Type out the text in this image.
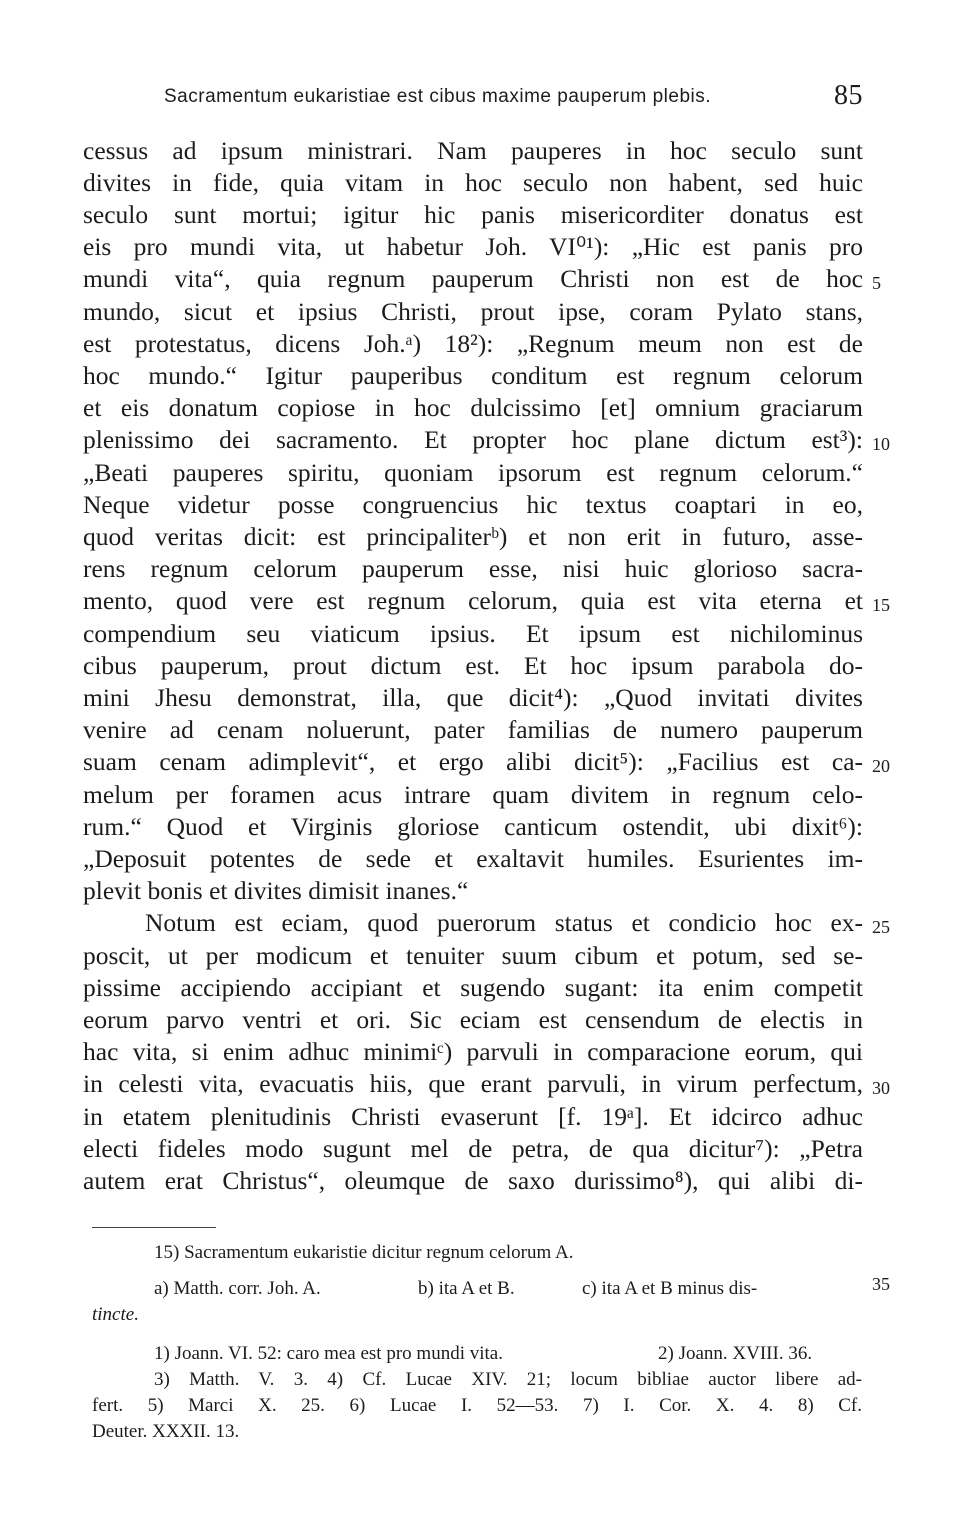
Sacramentum eukaristiae est cibus maxime pauperum plebis.	85
cessus ad ipsum ministrari. Nam pauperes in hoc seculo sunt
divites in fide, quia vitam in hoc seculo non habent, sed huic
seculo sunt mortui; igitur hic panis misericorditer donatus est
eis pro mundi vita, ut habetur Joh. VI⁰¹): „Hic est panis pro
mundi vita“, quia regnum pauperum Christi non est de hoc
mundo, sicut et ipsius Christi, prout ipse, coram Pylato stans,
est protestatus, dicens Joh.ᵃ) 18²): „Regnum meum non est de
hoc mundo.“ Igitur pauperibus conditum est regnum celorum
et eis donatum copiose in hoc dulcissimo [et] omnium graciarum
plenissimo dei sacramento. Et propter hoc plane dictum est³):
„Beati pauperes spiritu, quoniam ipsorum est regnum celorum.“
Neque videtur posse congruencius hic textus coaptari in eo,
quod veritas dicit: est principaliterᵇ) et non erit in futuro, asse-
rens regnum celorum pauperum esse, nisi huic glorioso sacra-
mento, quod vere est regnum celorum, quia est vita eterna et
compendium seu viaticum ipsius. Et ipsum est nichilominus
cibus pauperum, prout dictum est. Et hoc ipsum parabola do-
mini Jhesu demonstrat, illa, que dicit⁴): „Quod invitati divites
venire ad cenam noluerunt, pater familias de numero pauperum
suam cenam adimplevit“, et ergo alibi dicit⁵): „Facilius est ca-
melum per foramen acus intrare quam divitem in regnum celo-
rum.“ Quod et Virginis gloriose canticum ostendit, ubi dixit⁶):
„Deposuit potentes de sede et exaltavit humiles. Esurientes im-
plevit bonis et divites dimisit inanes.“
Notum est eciam, quod puerorum status et condicio hoc ex-
poscit, ut per modicum et tenuiter suum cibum et potum, sed se-
pissime accipiendo accipiant et sugendo sugant: ita enim competit
eorum parvo ventri et ori. Sic eciam est censendum de electis in
hac vita, si enim adhuc minimiᶜ) parvuli in comparacione eorum, qui
in celesti vita, evacuatis hiis, que erant parvuli, in virum perfectum,
in etatem plenitudinis Christi evaserunt [f. 19ᵃ]. Et idcirco adhuc
electi fideles modo sugunt mel de petra, de qua dicitur⁷): „Petra
autem erat Christus“, oleumque de saxo durissimo⁸), qui alibi di-
5
10
15
20
25
30
35
15) Sacramentum eukaristie dicitur regnum celorum A.
a) Matth. corr. Joh. A.	b) ita A et B.	c) ita A et B minus dis-
tincte.
1) Joann. VI. 52: caro mea est pro mundi vita.	2) Joann. XVIII. 36.
3) Matth. V. 3. 4) Cf. Lucae XIV. 21; locum bibliae auctor libere ad-
fert. 5) Marci X. 25. 6) Lucae I. 52—53. 7) I. Cor. X. 4. 8) Cf.
Deuter. XXXII. 13.
